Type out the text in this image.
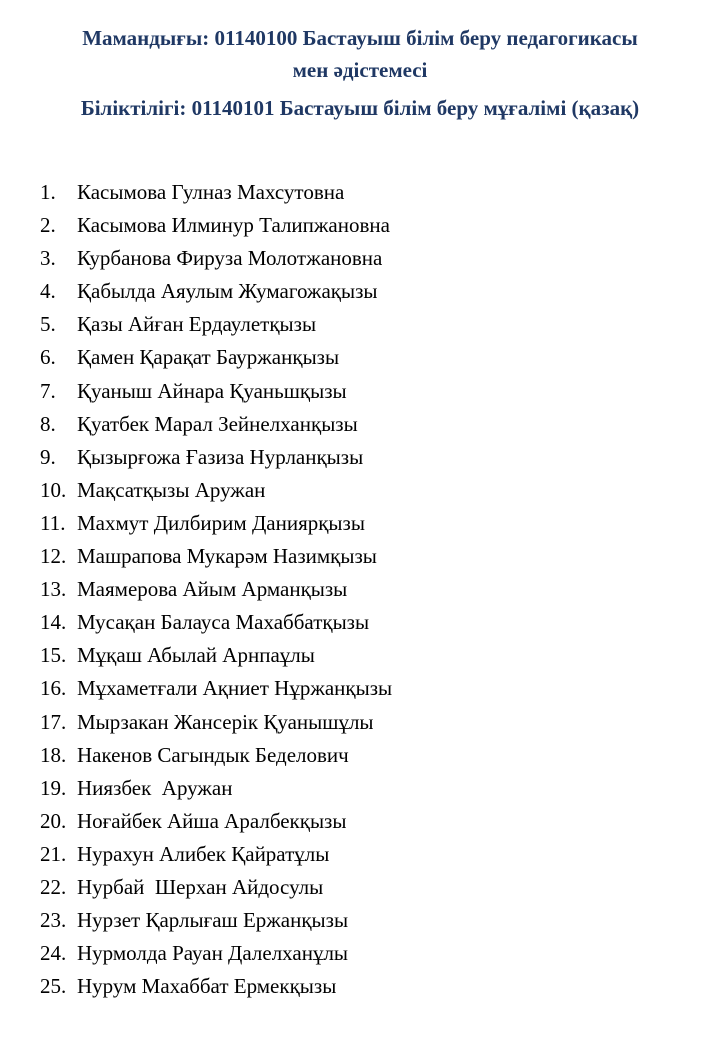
Мамандығы: 01140100 Бастауыш білім беру педагогикасы мен әдістемесі
Біліктілігі: 01140101 Бастауыш білім беру мұғалімі (қазақ)
1. Касымова Гулназ Махсутовна
2. Касымова Илминур Талипжановна
3. Курбанова Фируза Молотжановна
4. Қабылда Аяулым Жумагожақызы
5. Қазы Айған Ердаулетқызы
6. Қамен Қарақат Бауржанқызы
7. Қуаныш Айнара Қуаньшқызы
8. Қуатбек Марал Зейнелханқызы
9. Қызырғожа Ғазиза Нурланқызы
10. Мақсатқызы Аружан
11. Махмут Дилбирим Даниярқызы
12. Машрапова Мукарәм Назимқызы
13. Маямерова Айым Арманқызы
14. Мусақан Балауса Махаббатқызы
15. Мұқаш Абылай Арнпаұлы
16. Мұхаметғали Ақниет Нұржанқызы
17. Мырзакан Жансерік Қуанышұлы
18. Накенов Сагындык Беделович
19. Ниязбек  Аружан
20. Ноғайбек Айша Аралбекқызы
21. Нурахун Алибек Қайратұлы
22. Нурбай  Шерхан Айдосулы
23. Нурзет Қарлығаш Ержанқызы
24. Нурмолда Рауан Далелханұлы
25. Нурум Махаббат Ермекқызы
